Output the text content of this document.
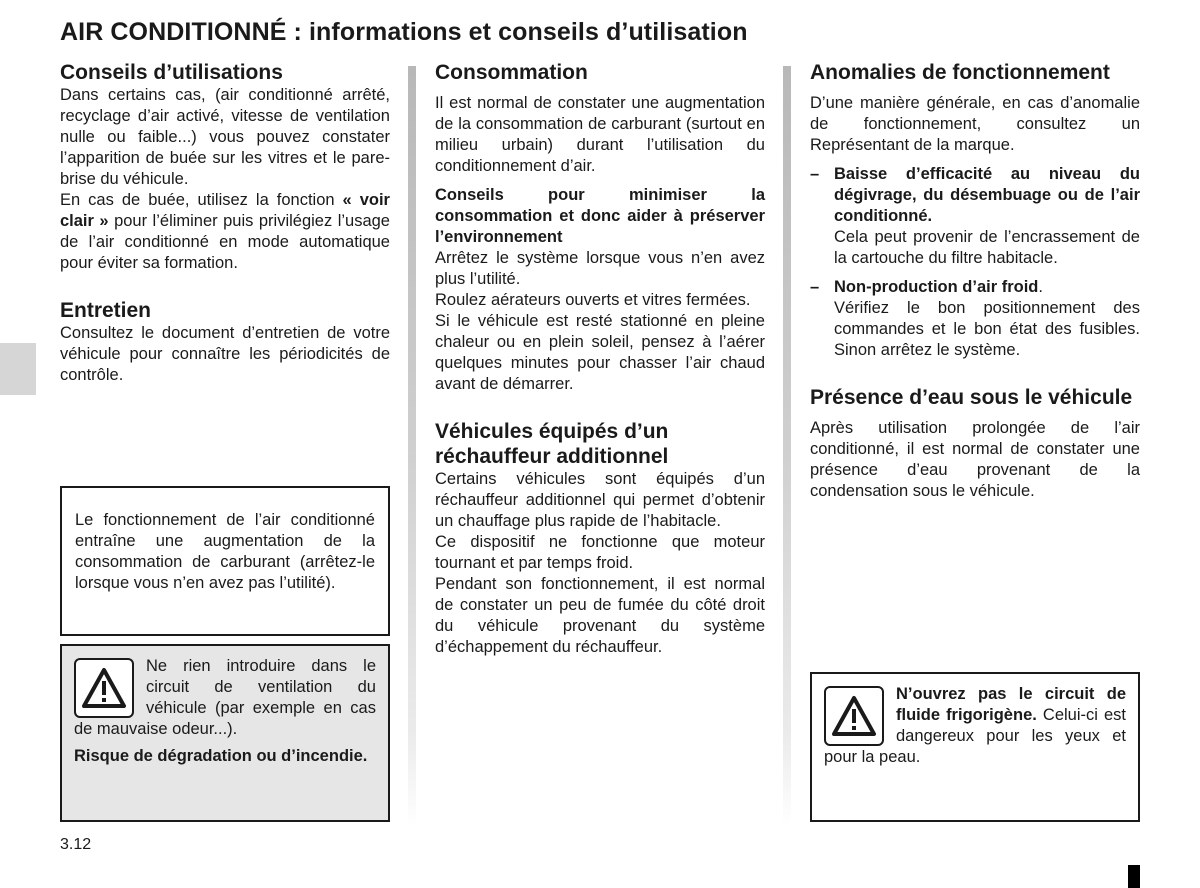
AIR CONDITIONNÉ : informations et conseils d’utilisation
Conseils d’utilisations

Dans certains cas, (air conditionné arrêté, recyclage d’air activé, vitesse de ventilation nulle ou faible...) vous pouvez constater l’apparition de buée sur les vitres et le pare-brise du véhicule.

En cas de buée, utilisez la fonction « voir clair » pour l’éliminer puis privilégiez l’usage de l’air conditionné en mode automatique pour éviter sa formation.

Entretien

Consultez le document d’entretien de votre véhicule pour connaître les périodicités de contrôle.

Le fonctionnement de l’air conditionné entraîne une augmentation de la consommation de carburant (arrêtez-le lorsque vous n’en avez pas l’utilité).

Ne rien introduire dans le circuit de ventilation du véhicule (par exemple en cas de mauvaise odeur...).

Risque de dégradation ou d’incendie.

Consommation

Il est normal de constater une augmentation de la consommation de carburant (surtout en milieu urbain) durant l’utilisation du conditionnement d’air.

Conseils pour minimiser la consommation et donc aider à préserver l’environnement

Arrêtez le système lorsque vous n’en avez plus l’utilité.

Roulez aérateurs ouverts et vitres fermées.

Si le véhicule est resté stationné en pleine chaleur ou en plein soleil, pensez à l’aérer quelques minutes pour chasser l’air chaud avant de démarrer.

Véhicules équipés d’un réchauffeur additionnel

Certains véhicules sont équipés d’un réchauffeur additionnel qui permet d’obtenir un chauffage plus rapide de l’habitacle.

Ce dispositif ne fonctionne que moteur tournant et par temps froid.

Pendant son fonctionnement, il est normal de constater un peu de fumée du côté droit du véhicule provenant du système d’échappement du réchauffeur.

Anomalies de fonctionnement

D’une manière générale, en cas d’anomalie de fonctionnement, consultez un Représentant de la marque.

– Baisse d’efficacité au niveau du dégivrage, du désembuage ou de l’air conditionné.

Cela peut provenir de l’encrassement de la cartouche du filtre habitacle.

– Non-production d’air froid.

Vérifiez le bon positionnement des commandes et le bon état des fusibles. Sinon arrêtez le système.

Présence d’eau sous le véhicule

Après utilisation prolongée de l’air conditionné, il est normal de constater une présence d’eau provenant de la condensation sous le véhicule.

N’ouvrez pas le circuit de fluide frigorigène. Celui-ci est dangereux pour les yeux et pour la peau.

3.12
